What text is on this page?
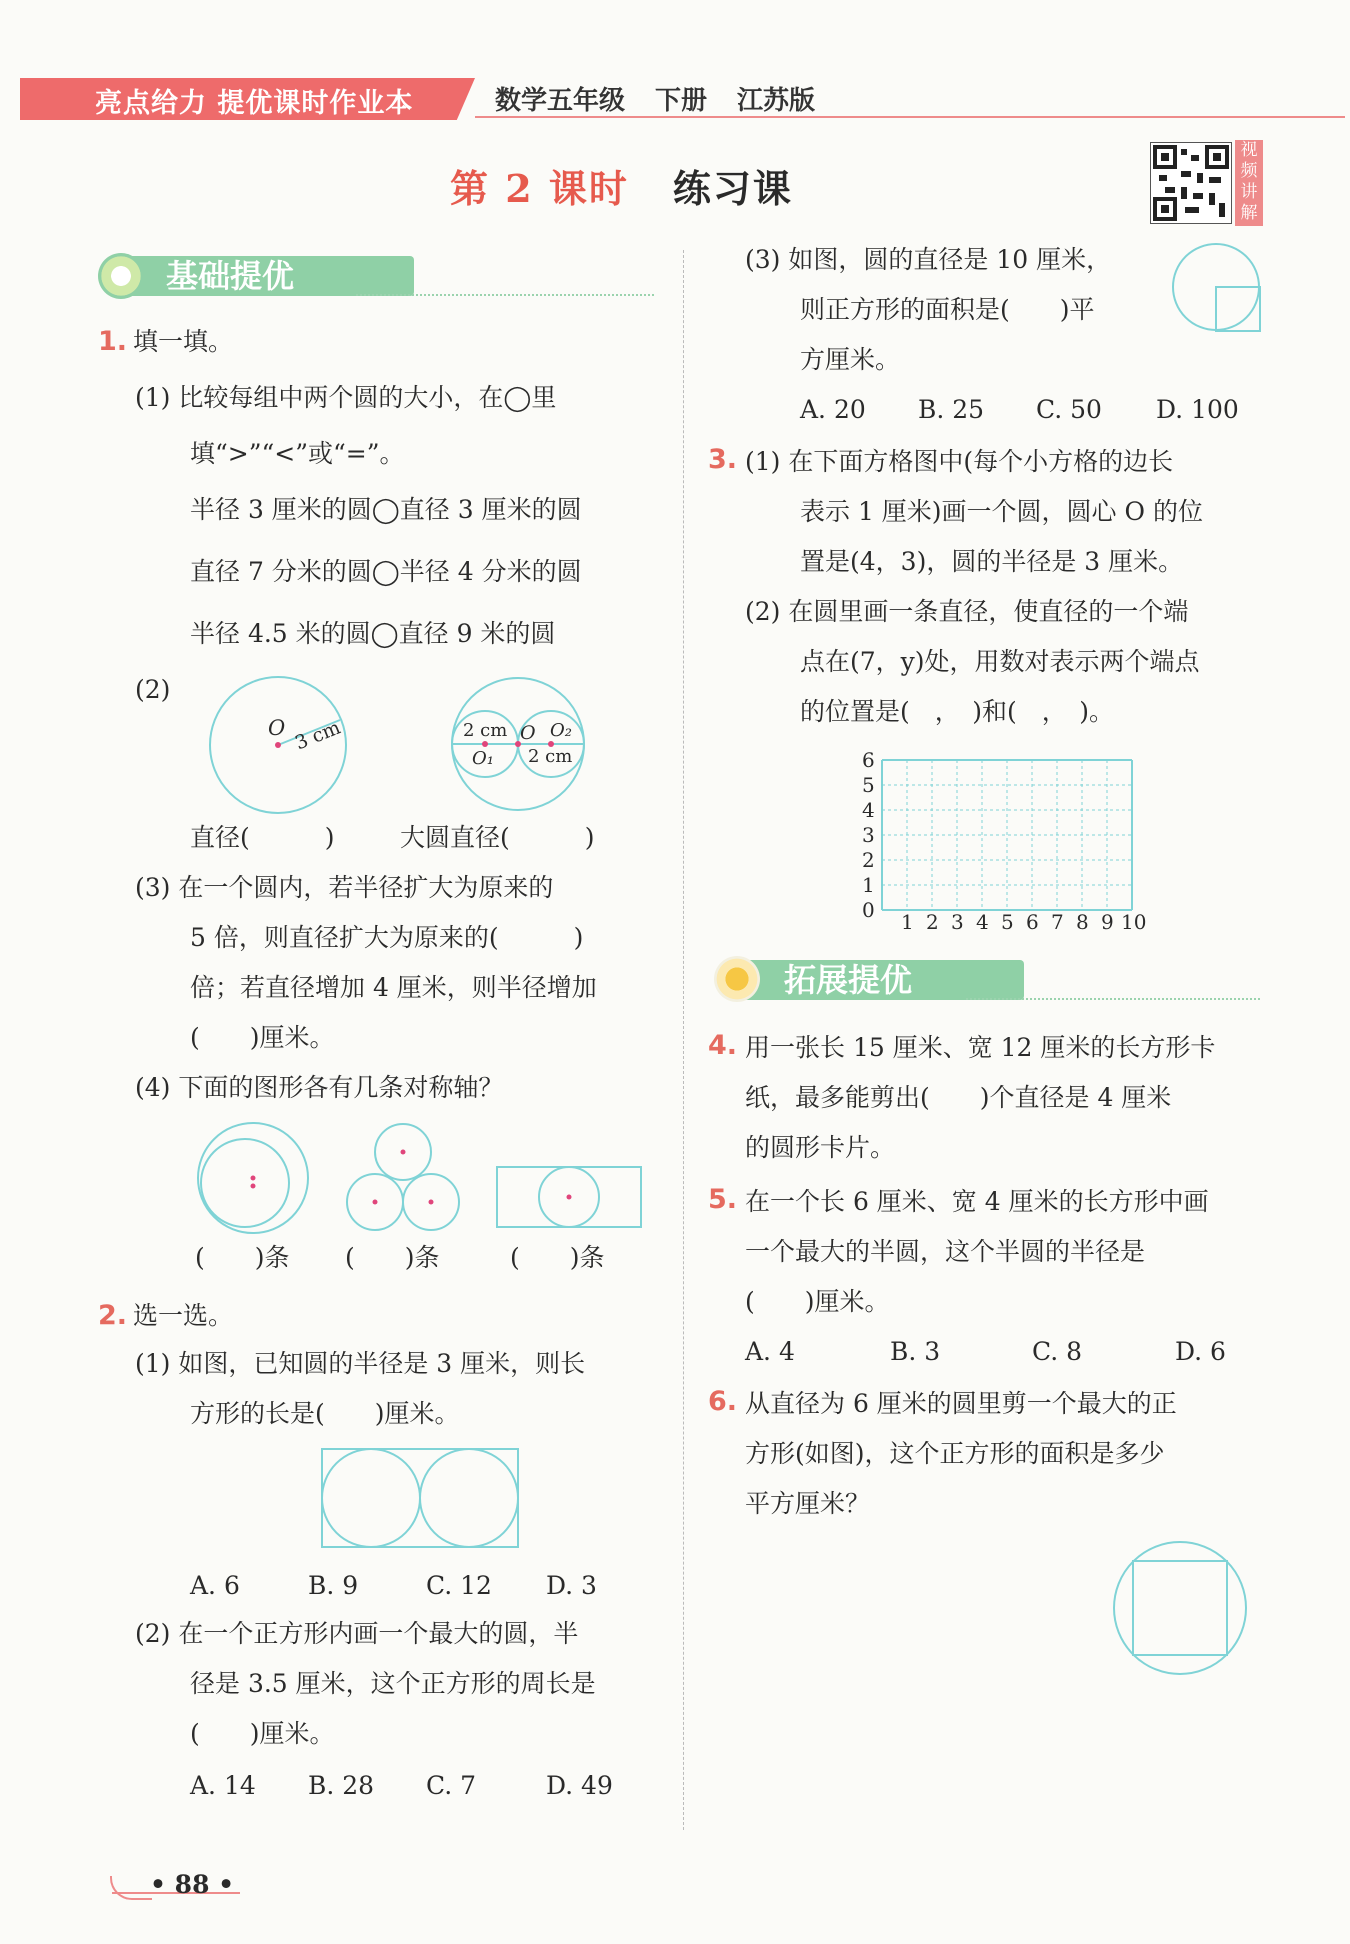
亮点给力 提优课时作业本	数学五年级 下册 江苏版
第 2 课时 练习课
视频讲解
基础提优
1. 填一填。
(1) 比较每组中两个圆的大小，在◯里
填“>”“<”或“=”。
半径 3 厘米的圆◯直径 3 厘米的圆
直径 7 分米的圆◯半径 4 分米的圆
半径 4.5 米的圆◯直径 9 米的圆
(2)
O 3 cm	2 cm O O₂
O₁ 2 cm
直径(　　　)	大圆直径(　　　)
(3) 在一个圆内，若半径扩大为原来的
5 倍，则直径扩大为原来的(　　　)
倍；若直径增加 4 厘米，则半径增加
(　　)厘米。
(4) 下面的图形各有几条对称轴？
(　　)条 (　　)条	(　　)条
2. 选一选。
(1) 如图，已知圆的半径是 3 厘米，则长
方形的长是(　　)厘米。
A. 6	B. 9	C. 12 D. 3
(2) 在一个正方形内画一个最大的圆，半
径是 3.5 厘米，这个正方形的周长是
(　　)厘米。
A. 14 B. 28 C. 7	D. 49
(3) 如图，圆的直径是 10 厘米，
则正方形的面积是(　　)平
方厘米。
A. 20 B. 25 C. 50 D. 100
3. (1) 在下面方格图中(每个小方格的边长
表示 1 厘米)画一个圆，圆心 O 的位
置是(4，3)，圆的半径是 3 厘米。
(2) 在圆里画一条直径，使直径的一个端
点在(7，y)处，用数对表示两个端点
的位置是(　，　)和(　，　)。
6
5
4
3
2
1
0 1 2 3 4 5 6 7 8 9 10
拓展提优
4. 用一张长 15 厘米、宽 12 厘米的长方形卡
纸，最多能剪出(　　)个直径是 4 厘米
的圆形卡片。
5. 在一个长 6 厘米、宽 4 厘米的长方形中画
一个最大的半圆，这个半圆的半径是
(　　)厘米。
A. 4	B. 3	C. 8	D. 6
6. 从直径为 6 厘米的圆里剪一个最大的正
方形(如图)，这个正方形的面积是多少
平方厘米？
• 88 •
